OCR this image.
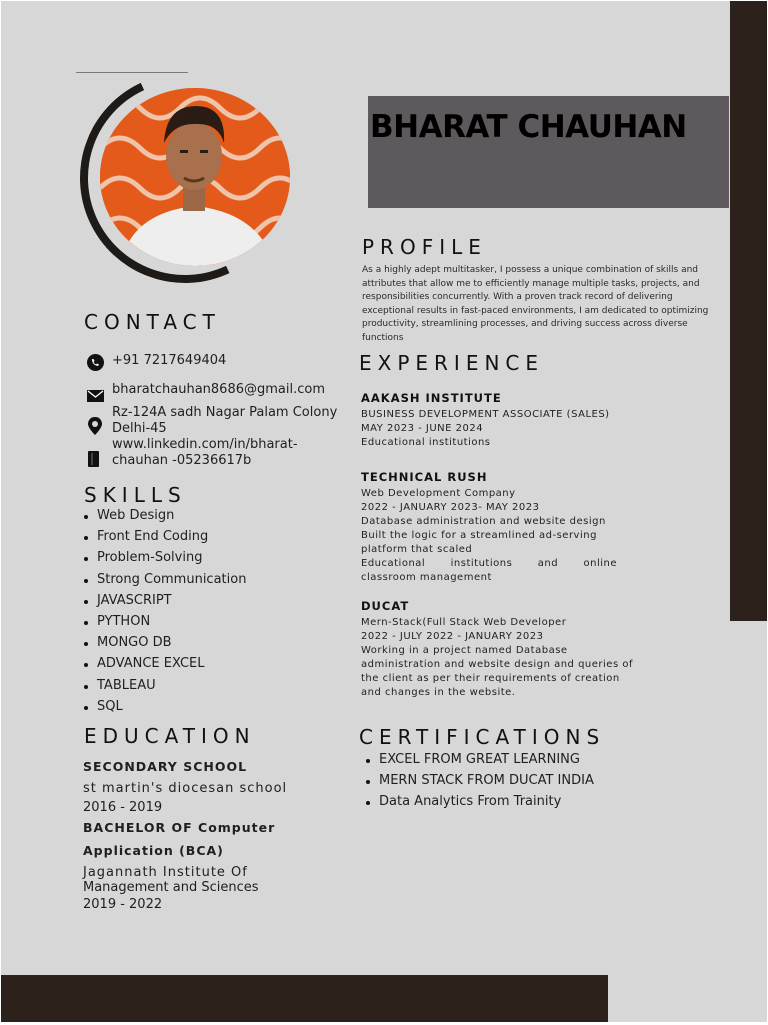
BHARAT CHAUHAN
PROFILE
CONTACT
EXPERIENCE
SKILLS
EDUCATION	CERTIFICATIONS
As a highly adept multitasker, I possess a unique combination of skills and attributes that allow me to efficiently manage multiple tasks, projects, and responsibilities concurrently. With a proven track record of delivering exceptional results in fast-paced environments, I am dedicated to optimizing productivity, streamlining processes, and driving success across diverse functions
+91 7217649404
bharatchauhan8686@gmail.com
Rz-124A sadh Nagar Palam Colony
Delhi-45
www.linkedin.com/in/bharat-
chauhan -05236617b
Web Design
Front End Coding
Problem-Solving
Strong Communication
JAVASCRIPT
PYTHON
MONGO DB
ADVANCE EXCEL
TABLEAU
SQL
SECONDARY SCHOOL
st martin's diocesan school
2016 - 2019
BACHELOR OF Computer
Application (BCA)
Jagannath Institute Of
Management and Sciences
2019 - 2022
AAKASH INSTITUTE
BUSINESS DEVELOPMENT ASSOCIATE (SALES)
MAY 2023 - JUNE 2024
Educational institutions
TECHNICAL RUSH
Web Development Company
2022 - JANUARY 2023- MAY 2023
Database administration and website design
Built the logic for a streamlined ad-serving
platform that scaled
Educational institutions and online
classroom management
DUCAT
Mern-Stack(Full Stack Web Developer
2022 - JULY 2022 - JANUARY 2023
Working in a project named Database
administration and website design and queries of
the client as per their requirements of creation
and changes in the website.
EXCEL FROM GREAT LEARNING
MERN STACK FROM DUCAT INDIA
Data Analytics From Trainity
